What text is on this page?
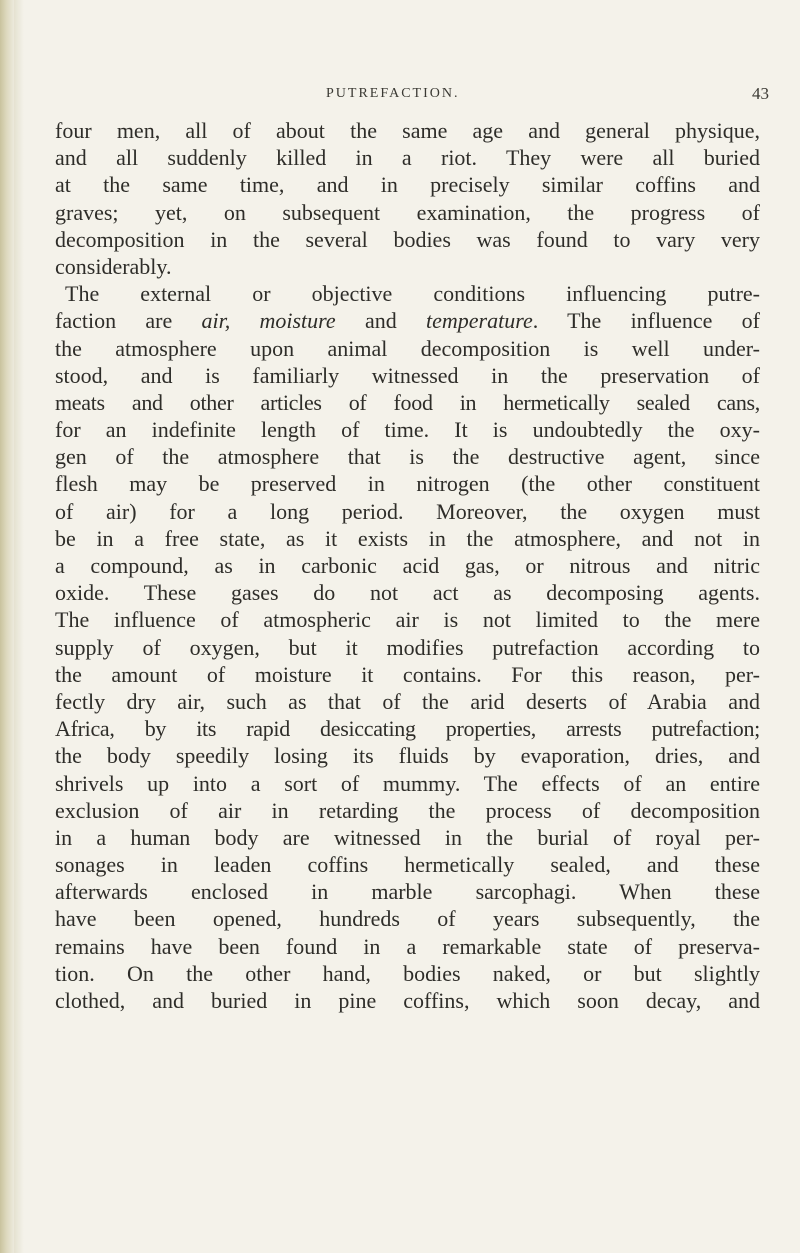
PUTREFACTION.	43
four men, all of about the same age and general physique,
and all suddenly killed in a riot. They were all buried
at the same time, and in precisely similar coffins and
graves; yet, on subsequent examination, the progress of
decomposition in the several bodies was found to vary very
considerably.
The external or objective conditions influencing putre-
faction are air, moisture and temperature. The influence of
the atmosphere upon animal decomposition is well under-
stood, and is familiarly witnessed in the preservation of
meats and other articles of food in hermetically sealed cans,
for an indefinite length of time. It is undoubtedly the oxy-
gen of the atmosphere that is the destructive agent, since
flesh may be preserved in nitrogen (the other constituent
of air) for a long period. Moreover, the oxygen must
be in a free state, as it exists in the atmosphere, and not in
a compound, as in carbonic acid gas, or nitrous and nitric
oxide. These gases do not act as decomposing agents.
The influence of atmospheric air is not limited to the mere
supply of oxygen, but it modifies putrefaction according to
the amount of moisture it contains. For this reason, per-
fectly dry air, such as that of the arid deserts of Arabia and
Africa, by its rapid desiccating properties, arrests putrefaction;
the body speedily losing its fluids by evaporation, dries, and
shrivels up into a sort of mummy. The effects of an entire
exclusion of air in retarding the process of decomposition
in a human body are witnessed in the burial of royal per-
sonages in leaden coffins hermetically sealed, and these
afterwards enclosed in marble sarcophagi. When these
have been opened, hundreds of years subsequently, the
remains have been found in a remarkable state of preserva-
tion. On the other hand, bodies naked, or but slightly
clothed, and buried in pine coffins, which soon decay, and
